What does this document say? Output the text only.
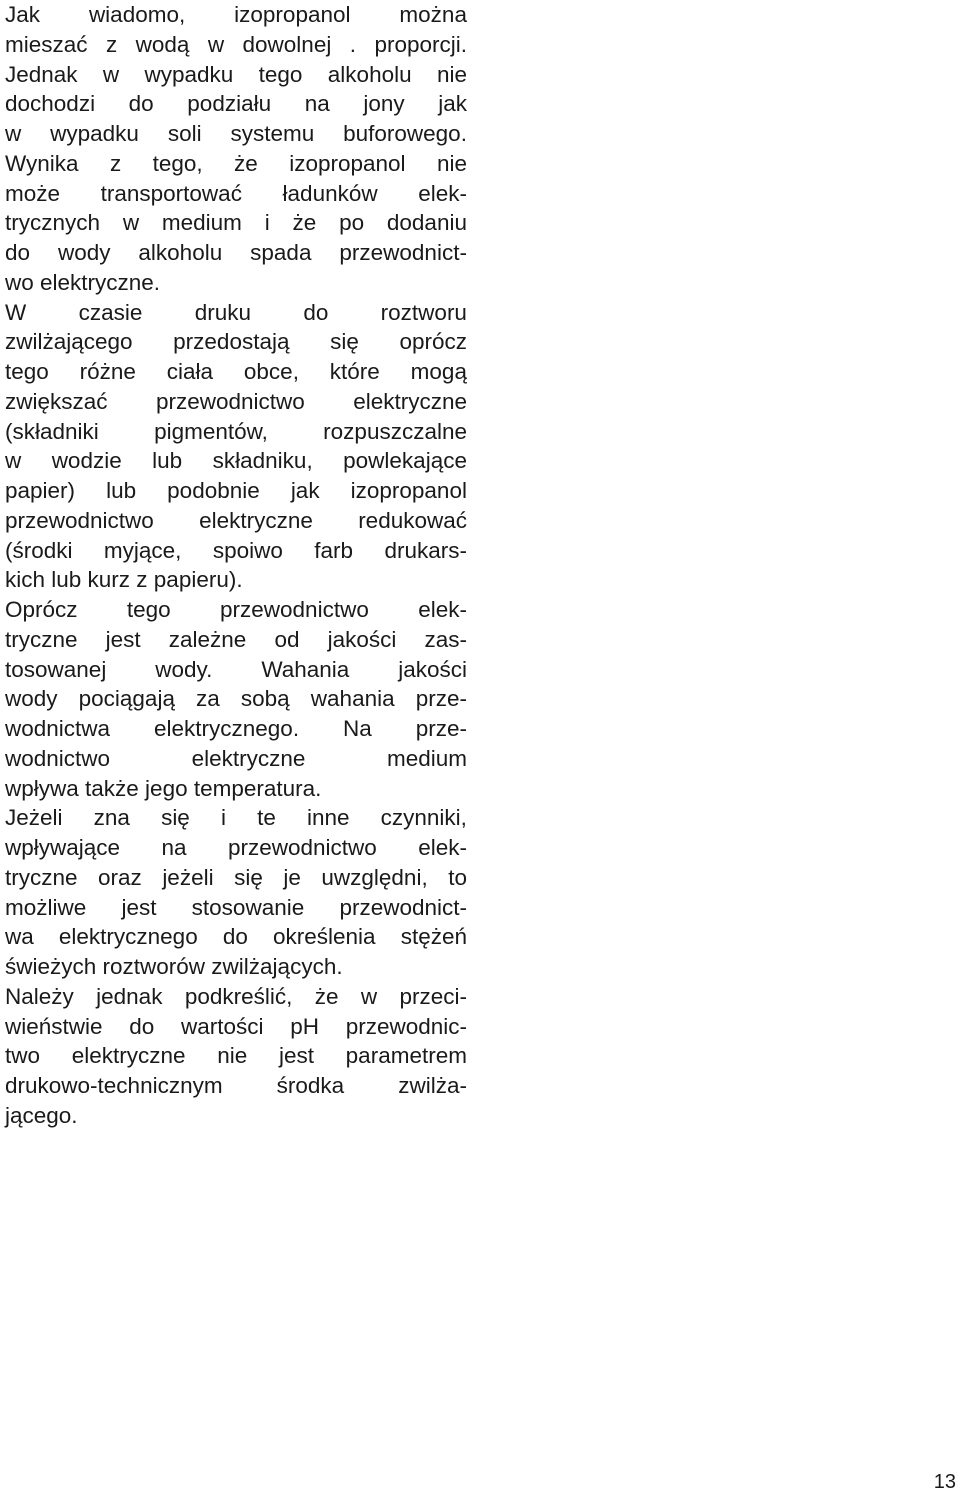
Jak wiadomo, izopropanol można
mieszać z wodą w dowolnej . proporcji.
Jednak w wypadku tego alkoholu nie
dochodzi do podziału na jony jak
w wypadku soli systemu buforowego.
Wynika z tego, że izopropanol nie
może transportować ładunków elek-
trycznych w medium i że po dodaniu
do wody alkoholu spada przewodnict-
wo elektryczne.
W czasie druku do roztworu
zwilżającego przedostają się oprócz
tego różne ciała obce, które mogą
zwiększać przewodnictwo elektryczne
(składniki pigmentów, rozpuszczalne
w wodzie lub składniku, powlekające
papier) lub podobnie jak izopropanol
przewodnictwo elektryczne redukować
(środki myjące, spoiwo farb drukars-
kich lub kurz z papieru).
Oprócz tego przewodnictwo elek-
tryczne jest zależne od jakości zas-
tosowanej wody. Wahania jakości
wody pociągają za sobą wahania prze-
wodnictwa elektrycznego. Na prze-
wodnictwo	elektryczne	medium
wpływa także jego temperatura.
Jeżeli zna się i te inne czynniki,
wpływające na przewodnictwo elek-
tryczne oraz jeżeli się je uwzględni, to
możliwe jest stosowanie przewodnict-
wa elektrycznego do określenia stężeń
świeżych roztworów zwilżających.
Należy jednak podkreślić, że w przeci-
wieństwie do wartości pH przewodnic-
two elektryczne nie jest parametrem
drukowo-technicznym środka zwilża-
jącego.
13
